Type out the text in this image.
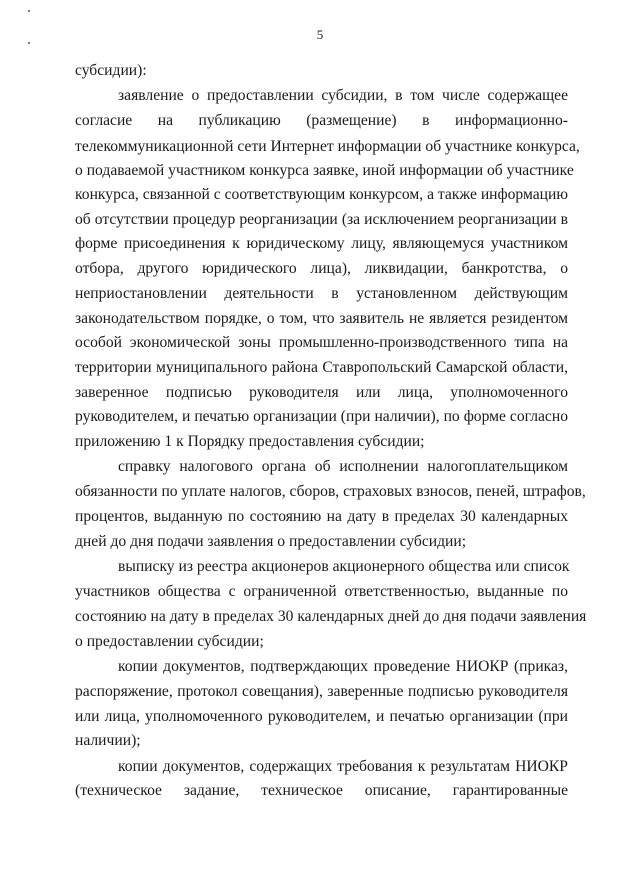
5
субсидии):
заявление о предоставлении субсидии, в том числе содержащее
согласие на публикацию (размещение) в информационно-
телекоммуникационной сети Интернет информации об участнике конкурса,
о подаваемой участником конкурса заявке, иной информации об участнике
конкурса, связанной с соответствующим конкурсом, а также информацию
об отсутствии процедур реорганизации (за исключением реорганизации в
форме присоединения к юридическому лицу, являющемуся участником
отбора, другого юридического лица), ликвидации, банкротства, о
неприостановлении деятельности в установленном действующим
законодательством порядке, о том, что заявитель не является резидентом
особой экономической зоны промышленно-производственного типа на
территории муниципального района Ставропольский Самарской области,
заверенное подписью руководителя или лица, уполномоченного
руководителем, и печатью организации (при наличии), по форме согласно
приложению 1 к Порядку предоставления субсидии;
справку налогового органа об исполнении налогоплательщиком
обязанности по уплате налогов, сборов, страховых взносов, пеней, штрафов,
процентов, выданную по состоянию на дату в пределах 30 календарных
дней до дня подачи заявления о предоставлении субсидии;
выписку из реестра акционеров акционерного общества или список
участников общества с ограниченной ответственностью, выданные по
состоянию на дату в пределах 30 календарных дней до дня подачи заявления
о предоставлении субсидии;
копии документов, подтверждающих проведение НИОКР (приказ,
распоряжение, протокол совещания), заверенные подписью руководителя
или лица, уполномоченного руководителем, и печатью организации (при
наличии);
копии документов, содержащих требования к результатам НИОКР
(техническое задание, техническое описание, гарантированные
